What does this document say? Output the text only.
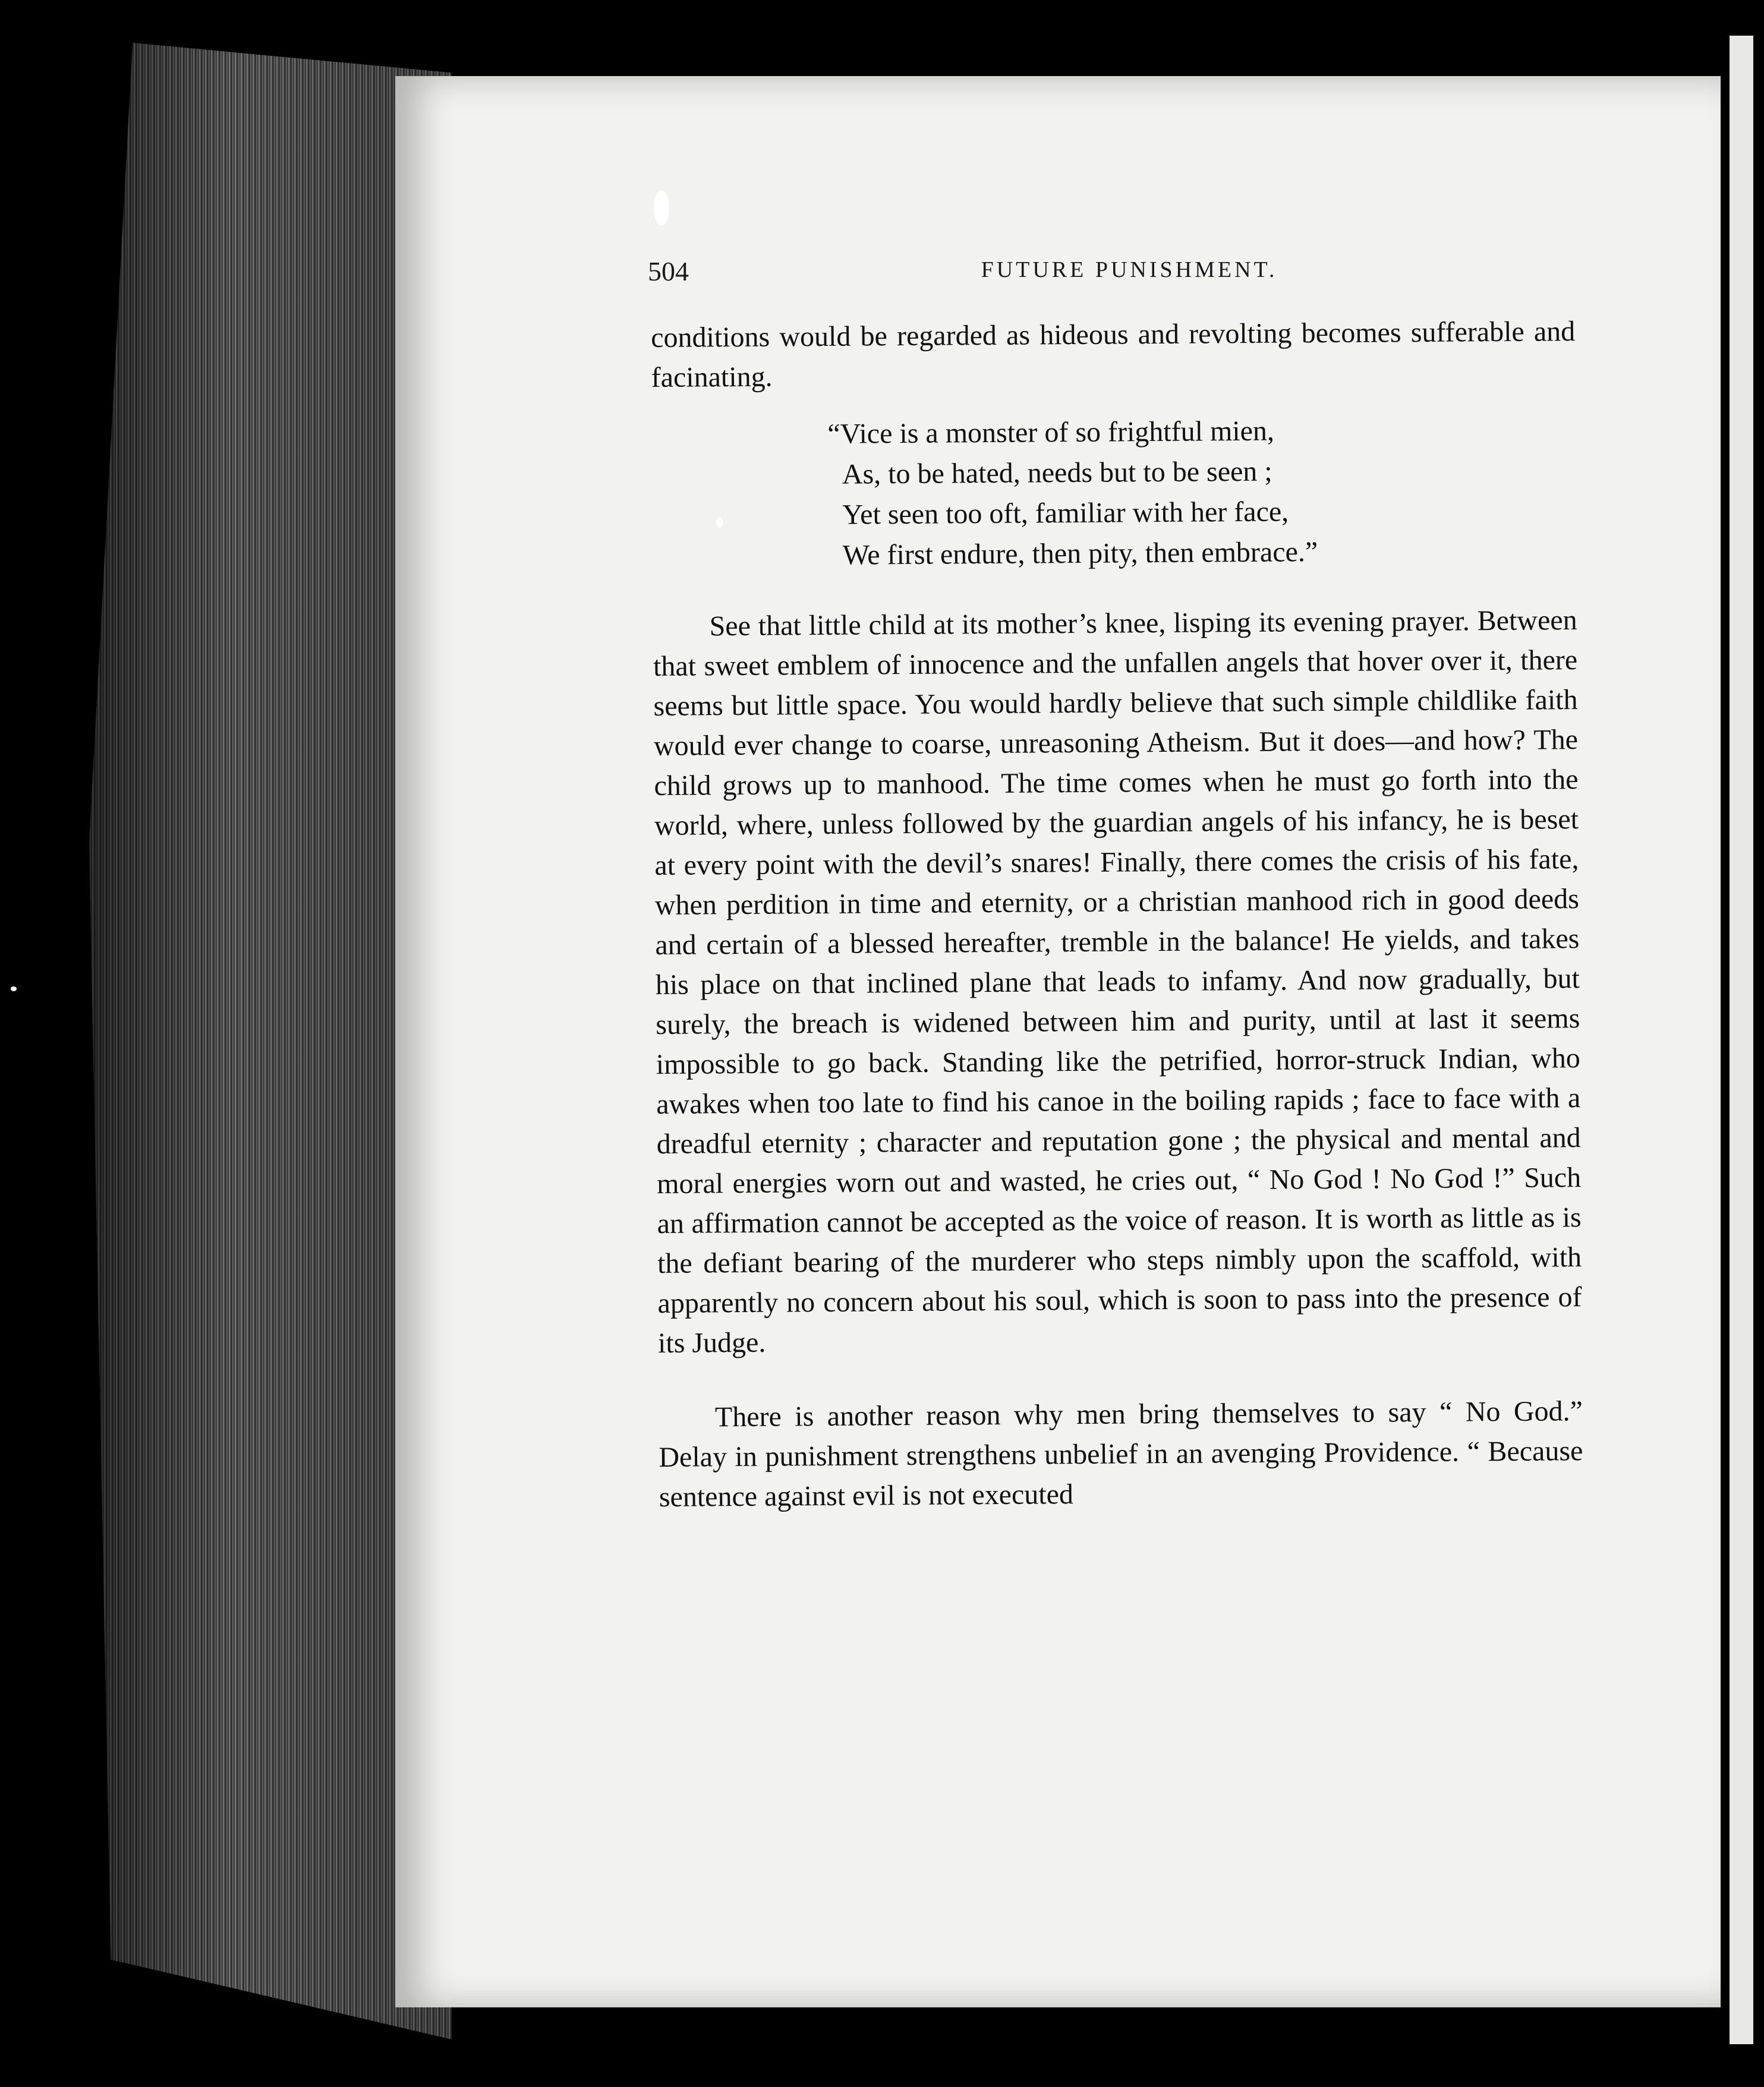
504	FUTURE PUNISHMENT.

conditions would be regarded as hideous and revolting becomes sufferable and facinating.

“Vice is a monster of so frightful mien,
As, to be hated, needs but to be seen ;
Yet seen too oft, familiar with her face,
We first endure, then pity, then embrace.”

See that little child at its mother’s knee, lisping its evening prayer. Between that sweet emblem of innocence and the unfallen angels that hover over it, there seems but little space. You would hardly believe that such simple childlike faith would ever change to coarse, unreasoning Atheism. But it does—and how? The child grows up to manhood. The time comes when he must go forth into the world, where, unless followed by the guardian angels of his infancy, he is beset at every point with the devil’s snares! Finally, there comes the crisis of his fate, when perdition in time and eternity, or a christian manhood rich in good deeds and certain of a blessed hereafter, tremble in the balance! He yields, and takes his place on that inclined plane that leads to infamy. And now gradually, but surely, the breach is widened between him and purity, until at last it seems impossible to go back. Standing like the petrified, horror-struck Indian, who awakes when too late to find his canoe in the boiling rapids ; face to face with a dreadful eternity ; character and reputation gone ; the physical and mental and moral energies worn out and wasted, he cries out, “ No God ! No God !” Such an affirmation cannot be accepted as the voice of reason. It is worth as little as is the defiant bearing of the murderer who steps nimbly upon the scaffold, with apparently no concern about his soul, which is soon to pass into the presence of its Judge.

There is another reason why men bring themselves to say “ No God.” Delay in punishment strengthens unbelief in an avenging Providence. “ Because sentence against evil is not executed
